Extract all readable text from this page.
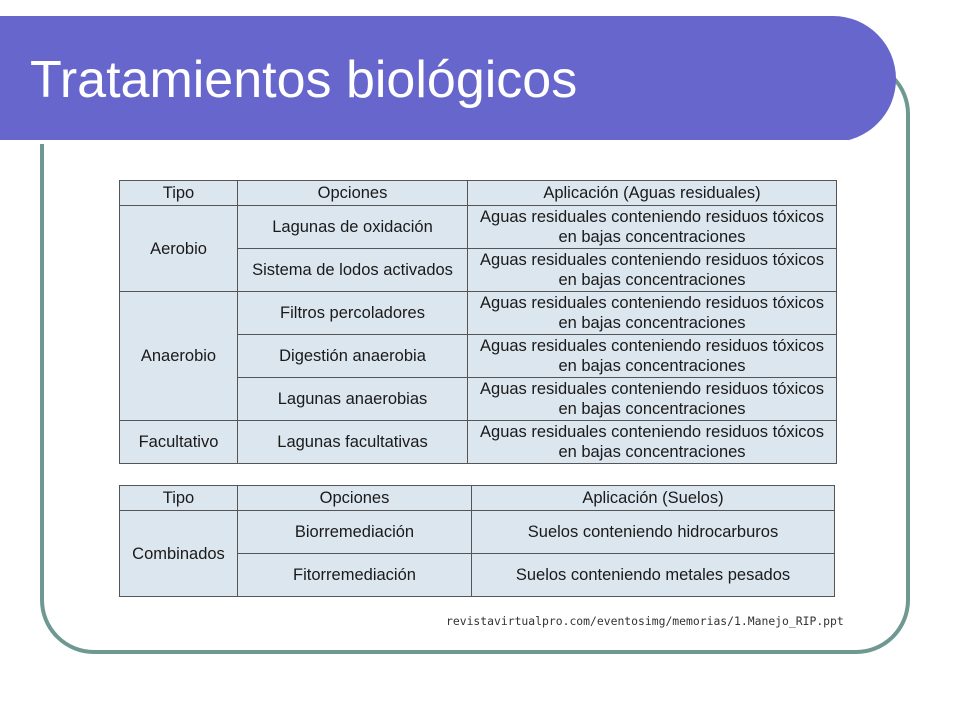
Tratamientos biológicos
Tipo	Opciones	Aplicación (Aguas residuales)
Aerobio	Lagunas de oxidación	Aguas residuales conteniendo residuos tóxicos en bajas concentraciones
	Sistema de lodos activados	Aguas residuales conteniendo residuos tóxicos en bajas concentraciones
Anaerobio	Filtros percoladores	Aguas residuales conteniendo residuos tóxicos en bajas concentraciones
	Digestión anaerobia	Aguas residuales conteniendo residuos tóxicos en bajas concentraciones
	Lagunas anaerobias	Aguas residuales conteniendo residuos tóxicos en bajas concentraciones
Facultativo	Lagunas facultativas	Aguas residuales conteniendo residuos tóxicos en bajas concentraciones
Tipo	Opciones	Aplicación (Suelos)
Combinados	Biorremediación	Suelos conteniendo hidrocarburos
	Fitorremediación	Suelos conteniendo metales pesados
revistavirtualpro.com/eventosimg/memorias/1.Manejo_RIP.ppt
